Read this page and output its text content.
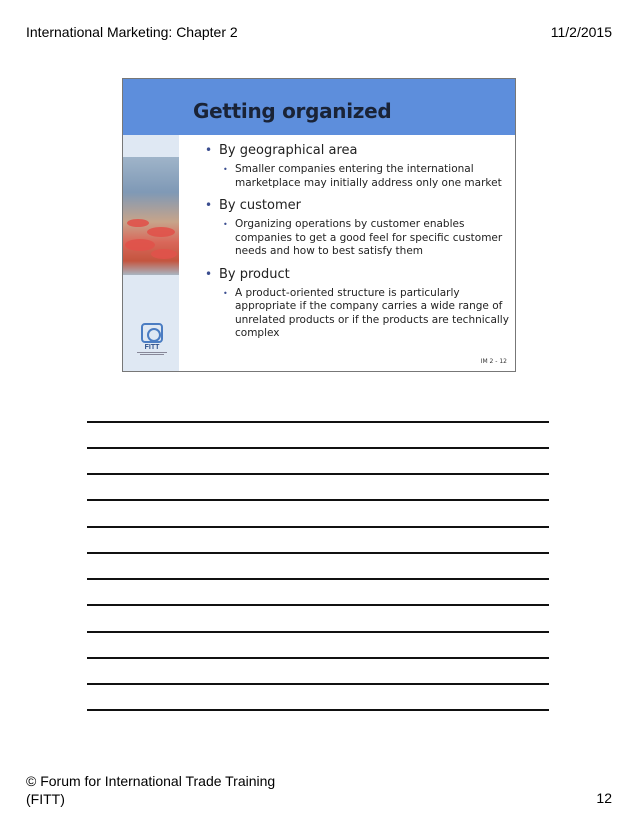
International Marketing: Chapter 2	11/2/2015
FITT
Getting organized
• By geographical area
• Smaller companies entering the international marketplace may initially address only one market
• By customer
• Organizing operations by customer enables companies to get a good feel for specific customer needs and how to best satisfy them
• By product
• A product-oriented structure is particularly appropriate if the company carries a wide range of unrelated products or if the products are technically complex
IM 2 - 12
© Forum for International Trade Training
(FITT)	12
